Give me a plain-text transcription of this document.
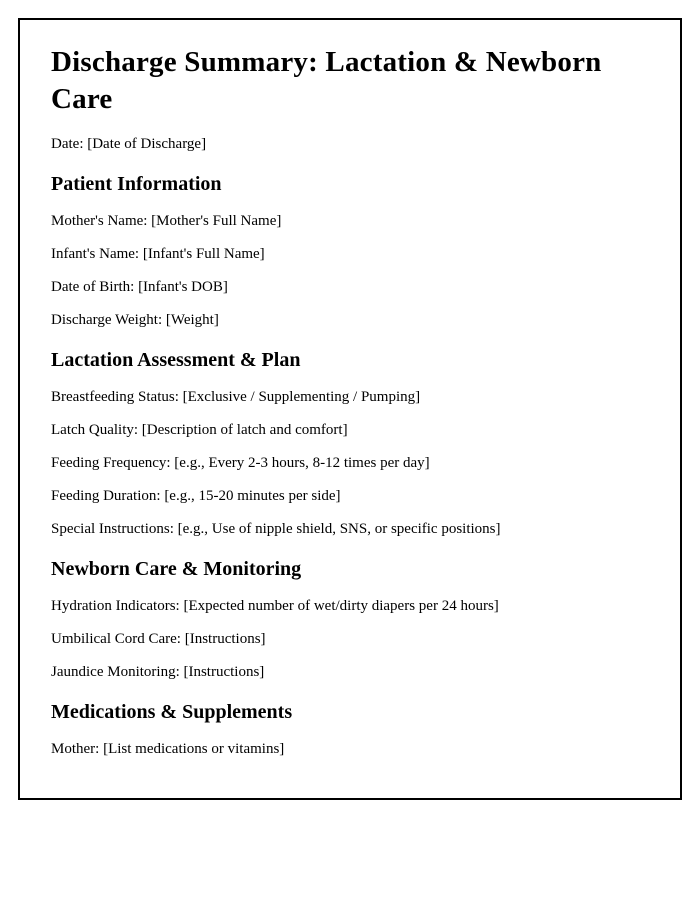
Discharge Summary: Lactation & Newborn Care

Date: [Date of Discharge]

Patient Information

Mother's Name: [Mother's Full Name]

Infant's Name: [Infant's Full Name]

Date of Birth: [Infant's DOB]

Discharge Weight: [Weight]

Lactation Assessment & Plan

Breastfeeding Status: [Exclusive / Supplementing / Pumping]

Latch Quality: [Description of latch and comfort]

Feeding Frequency: [e.g., Every 2-3 hours, 8-12 times per day]

Feeding Duration: [e.g., 15-20 minutes per side]

Special Instructions: [e.g., Use of nipple shield, SNS, or specific positions]

Newborn Care & Monitoring

Hydration Indicators: [Expected number of wet/dirty diapers per 24 hours]

Umbilical Cord Care: [Instructions]

Jaundice Monitoring: [Instructions]

Medications & Supplements

Mother: [List medications or vitamins]
